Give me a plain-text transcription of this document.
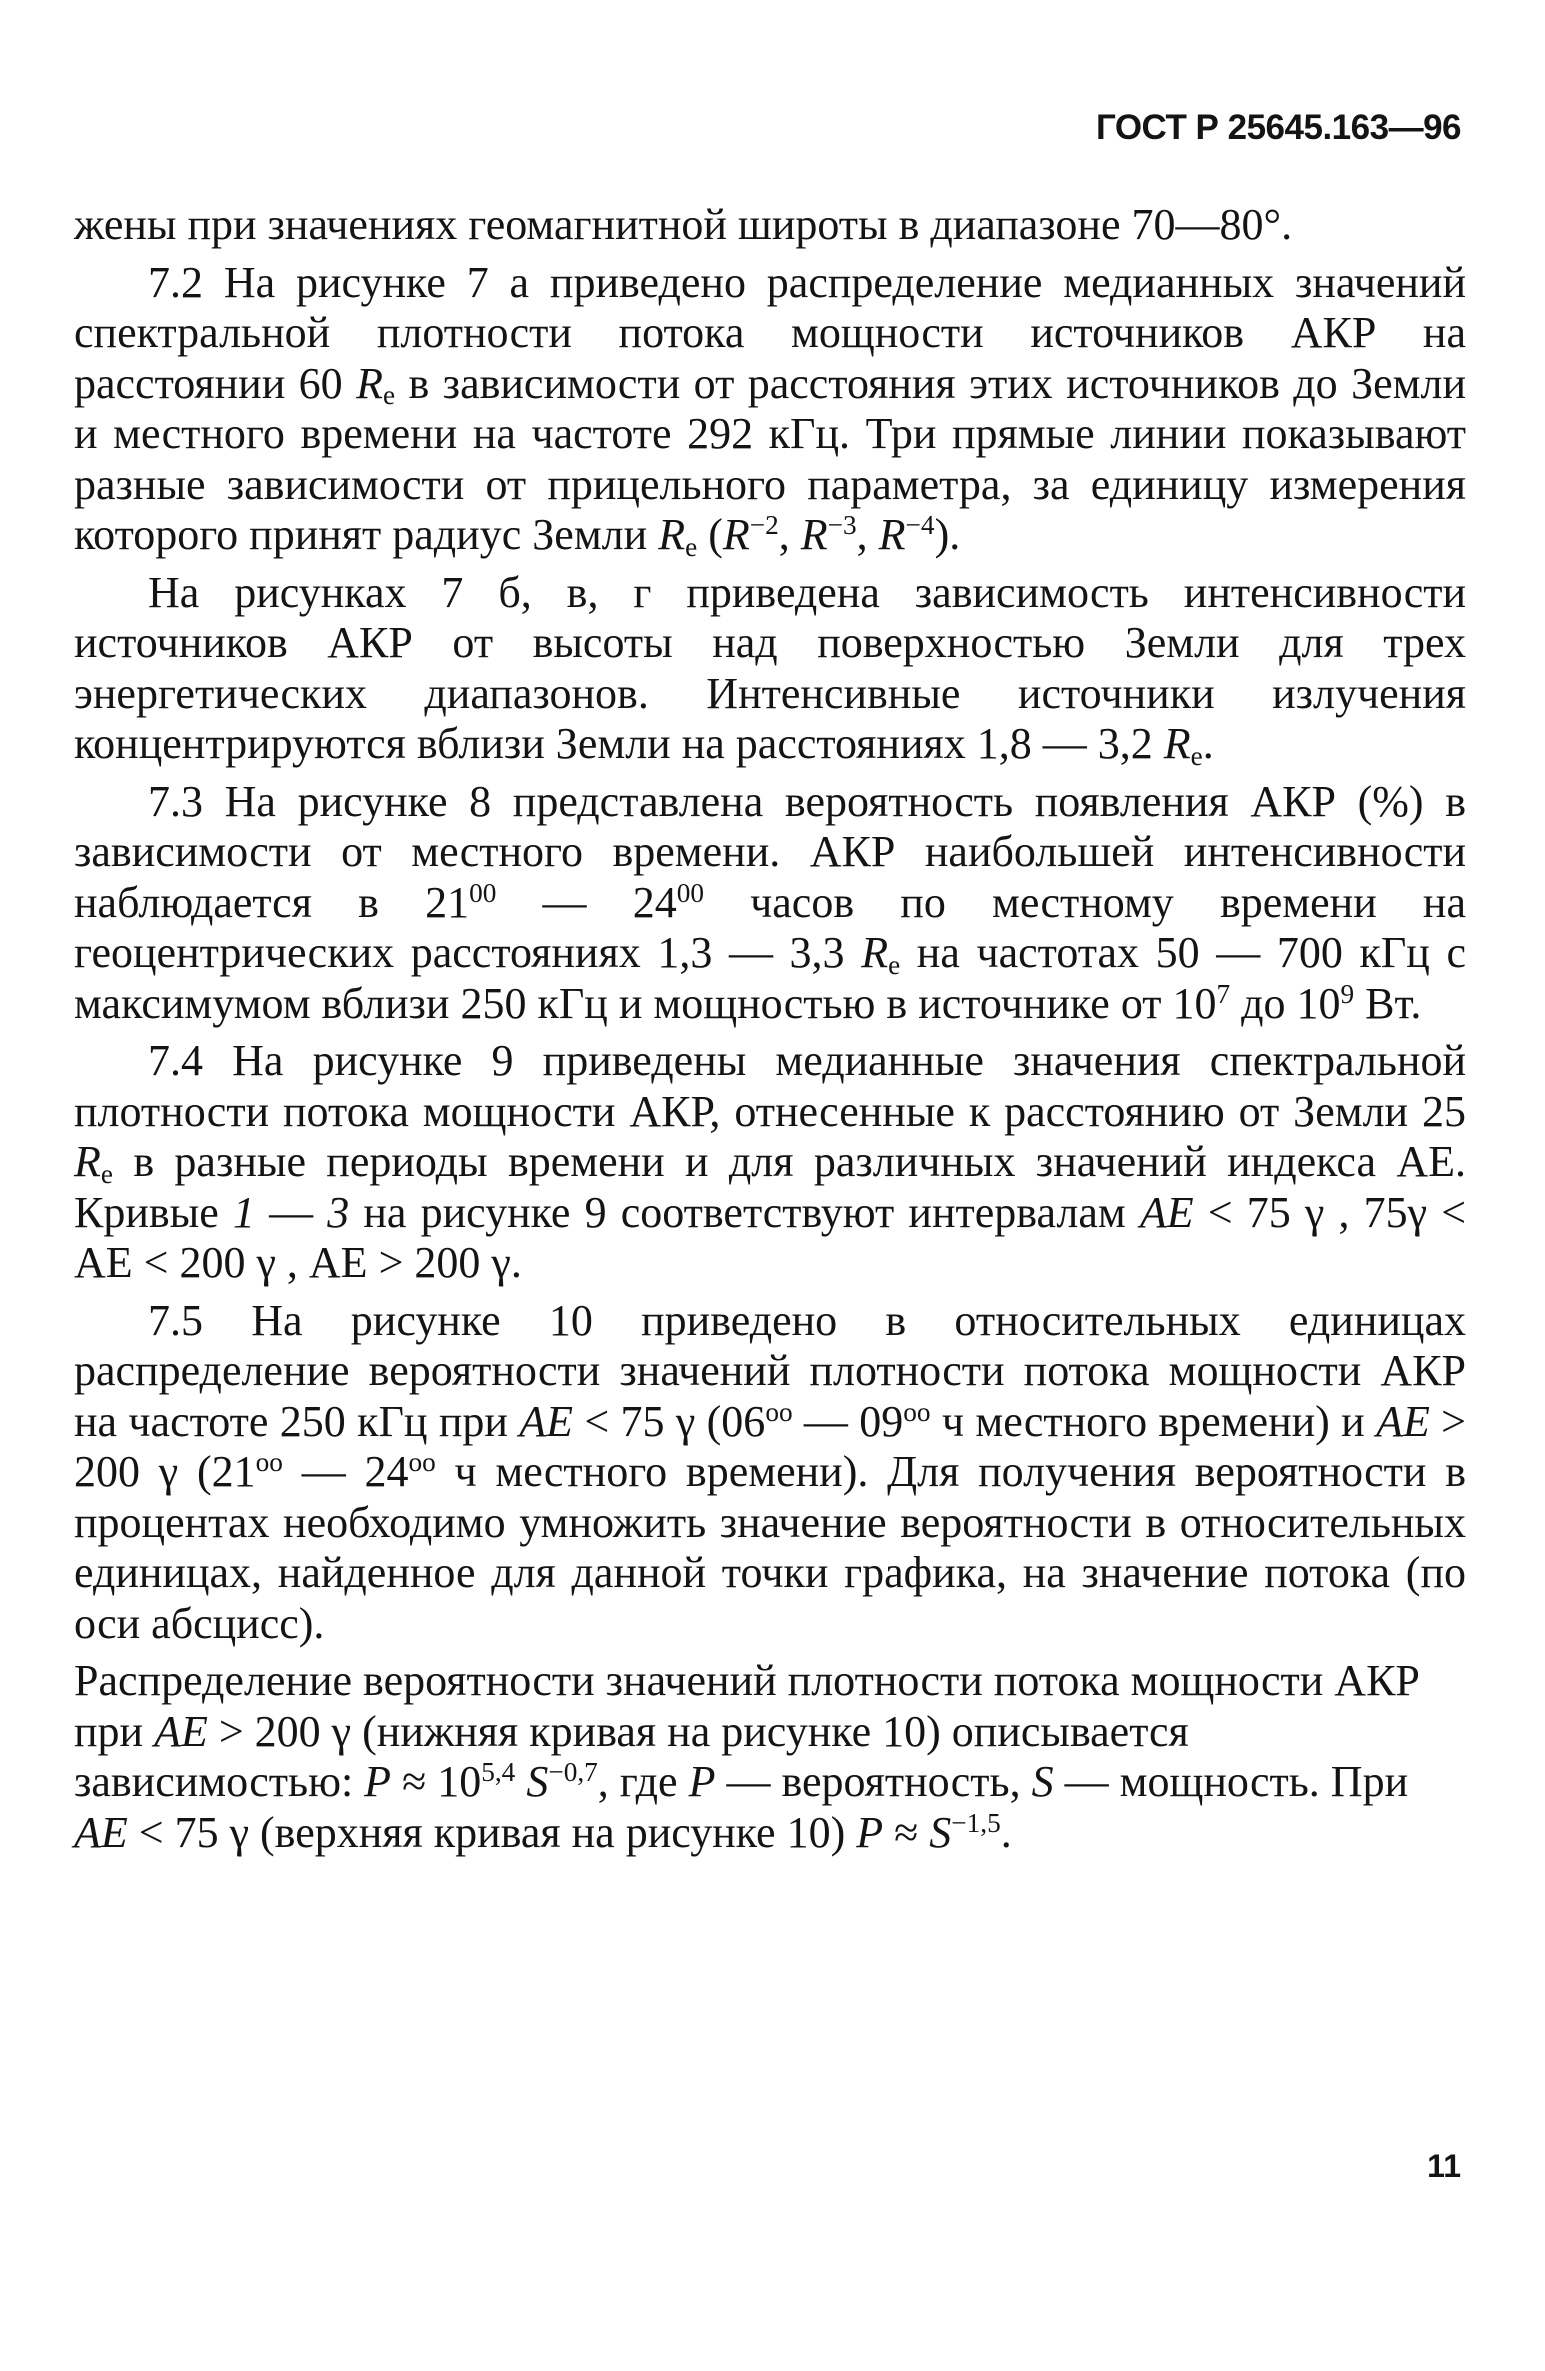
ГОСТ Р 25645.163—96

жены при значениях геомагнитной широты в диапазоне 70—80°.

7.2 На рисунке 7 а приведено распределение медианных значений спектральной плотности потока мощности источников АКР на расстоянии 60 $R_e$ в зависимости от расстояния этих источников до Земли и местного времени на частоте 292 кГц. Три прямые линии показывают разные зависимости от прицельного параметра, за единицу измерения которого принят радиус Земли $R_e$ ($R^{-2}$, $R^{-3}$, $R^{-4}$).

На рисунках 7 б, в, г приведена зависимость интенсивности источников АКР от высоты над поверхностью Земли для трех энергетических диапазонов. Интенсивные источники излучения концентрируются вблизи Земли на расстояниях 1,8 — 3,2 $R_e$.

7.3 На рисунке 8 представлена вероятность появления АКР (%) в зависимости от местного времени. АКР наибольшей интенсивности наблюдается в $21^{00}$ — $24^{00}$ часов по местному времени на геоцентрических расстояниях 1,3 — 3,3 $R_e$ на частотах 50 — 700 кГц с максимумом вблизи 250 кГц и мощностью в источнике от $10^7$ до $10^9$ Вт.

7.4 На рисунке 9 приведены медианные значения спектральной плотности потока мощности АКР, отнесенные к расстоянию от Земли 25 $R_e$ в разные периоды времени и для различных значений индекса AE. Кривые 1 — 3 на рисунке 9 соответствуют интервалам AE < 75 γ , 75γ < AE < 200 γ , AE > 200 γ.

7.5 На рисунке 10 приведено в относительных единицах распределение вероятности значений плотности потока мощности АКР на частоте 250 кГц при AE < 75 γ ($06^{оо}$ — $09^{оо}$ ч местного времени) и AE > 200 γ ($21^{оо}$ — $24^{оо}$ ч местного времени). Для получения вероятности в процентах необходимо умножить значение вероятности в относительных единицах, найденное для данной точки графика, на значение потока (по оси абсцисс).

Распределение вероятности значений плотности потока мощности АКР при AE > 200 γ (нижняя кривая на рисунке 10) описывается зависимостью: $P \approx 10^{5,4}$ $S^{-0,7}$, где P — вероятность, S — мощность. При AE < 75 γ (верхняя кривая на рисунке 10) $P \approx S^{-1,5}$.

11
